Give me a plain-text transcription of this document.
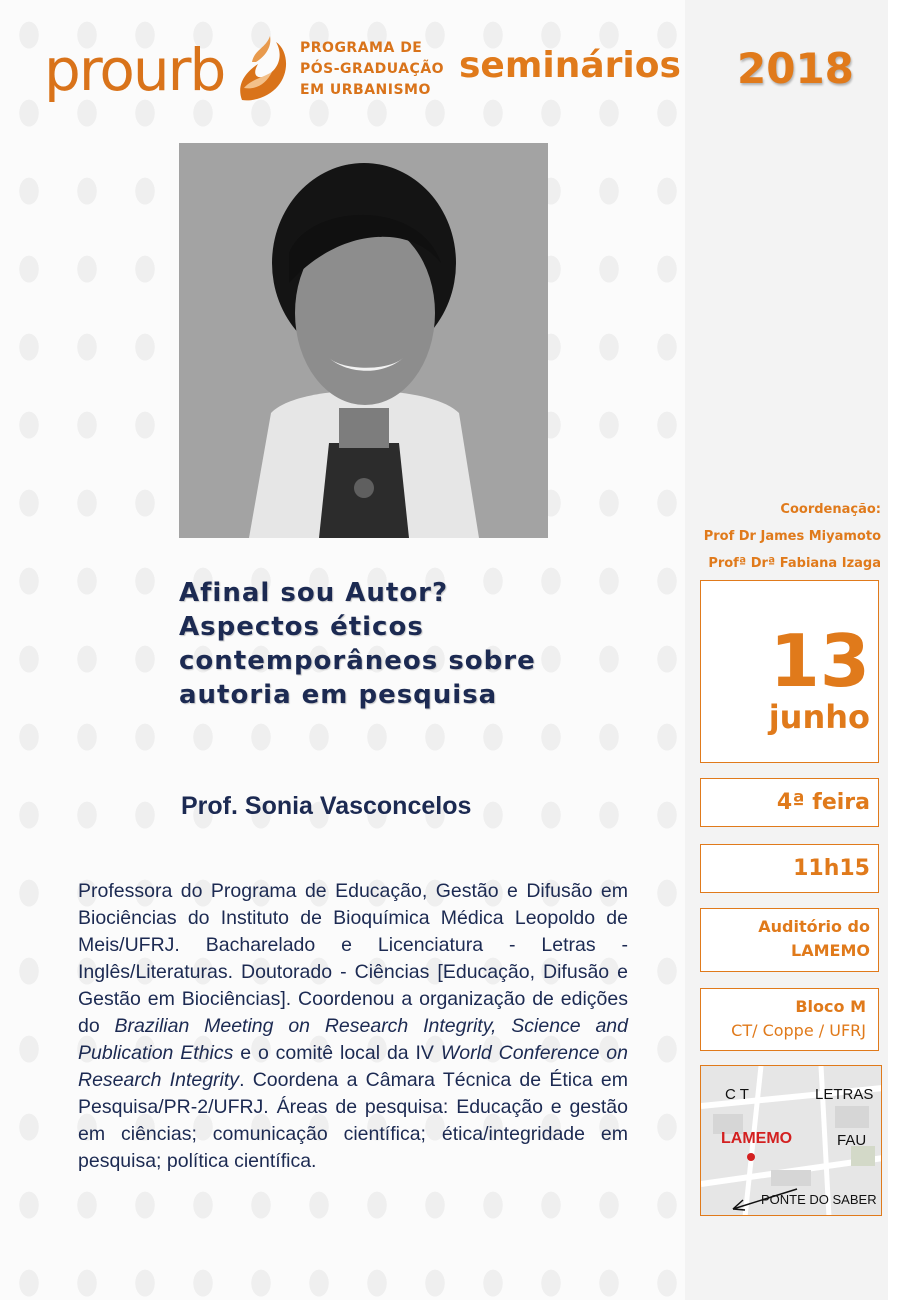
prourb	PROGRAMA DE
PÓS-GRADUAÇÃO
EM URBANISMO
seminários 2018
Afinal sou Autor?
Aspectos éticos
contemporâneos sobre
autoria em pesquisa
Prof. Sonia Vasconcelos
Professora do Programa de Educação, Gestão e Difusão em Biociências do Instituto de Bioquímica Médica Leopoldo de Meis/UFRJ. Bacharelado e Licenciatura - Letras - Inglês/Literaturas. Doutorado - Ciências [Educação, Difusão e Gestão em Biociências]. Coordenou a organização de edições do Brazilian Meeting on Research Integrity, Science and Publication Ethics e o comitê local da IV World Conference on Research Integrity. Coordena a Câmara Técnica de Ética em Pesquisa/PR-2/UFRJ. Áreas de pesquisa: Educação e gestão em ciências; comunicação científica; ética/integridade em pesquisa; política científica.
Coordenação:
Prof Dr James Miyamoto
Profª Drª Fabiana Izaga
13
junho
4ª feira
11h15
Auditório do
LAMEMO
Bloco M
CT/ Coppe / UFRJ
C T	LETRAS
LAMEMO	FAU
PONTE DO SABER
